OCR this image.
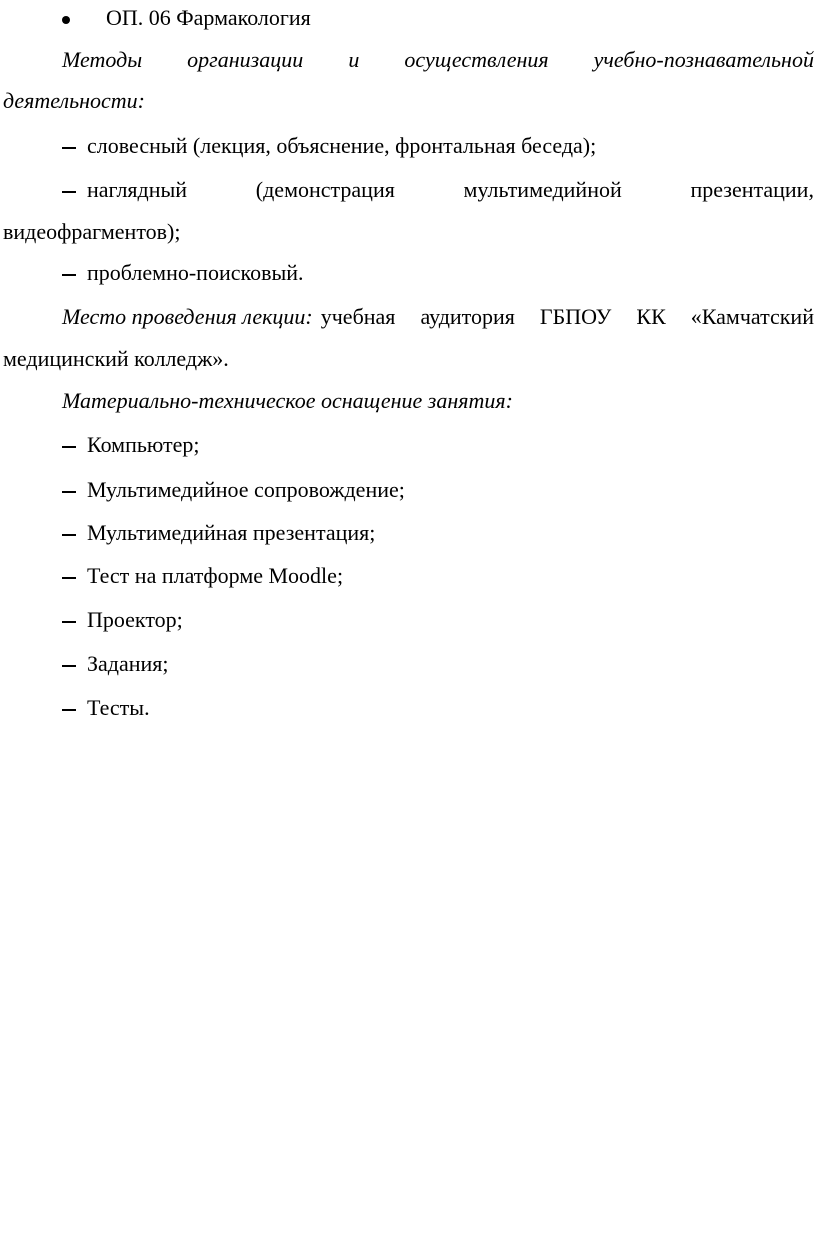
ОП. 06 Фармакология
Методы организации и осуществления учебно-познавательной
деятельности:
словесный (лекция, объяснение, фронтальная беседа);
наглядный	(демонстрация	мультимедийной	презентации,
видеофрагментов);
проблемно-поисковый.
Место проведения лекции: учебная аудитория ГБПОУ КК «Камчатский
медицинский колледж».
Материально-техническое оснащение занятия:
Компьютер;
Мультимедийное сопровождение;
Мультимедийная презентация;
Тест на платформе Moodle;
Проектор;
Задания;
Тесты.
